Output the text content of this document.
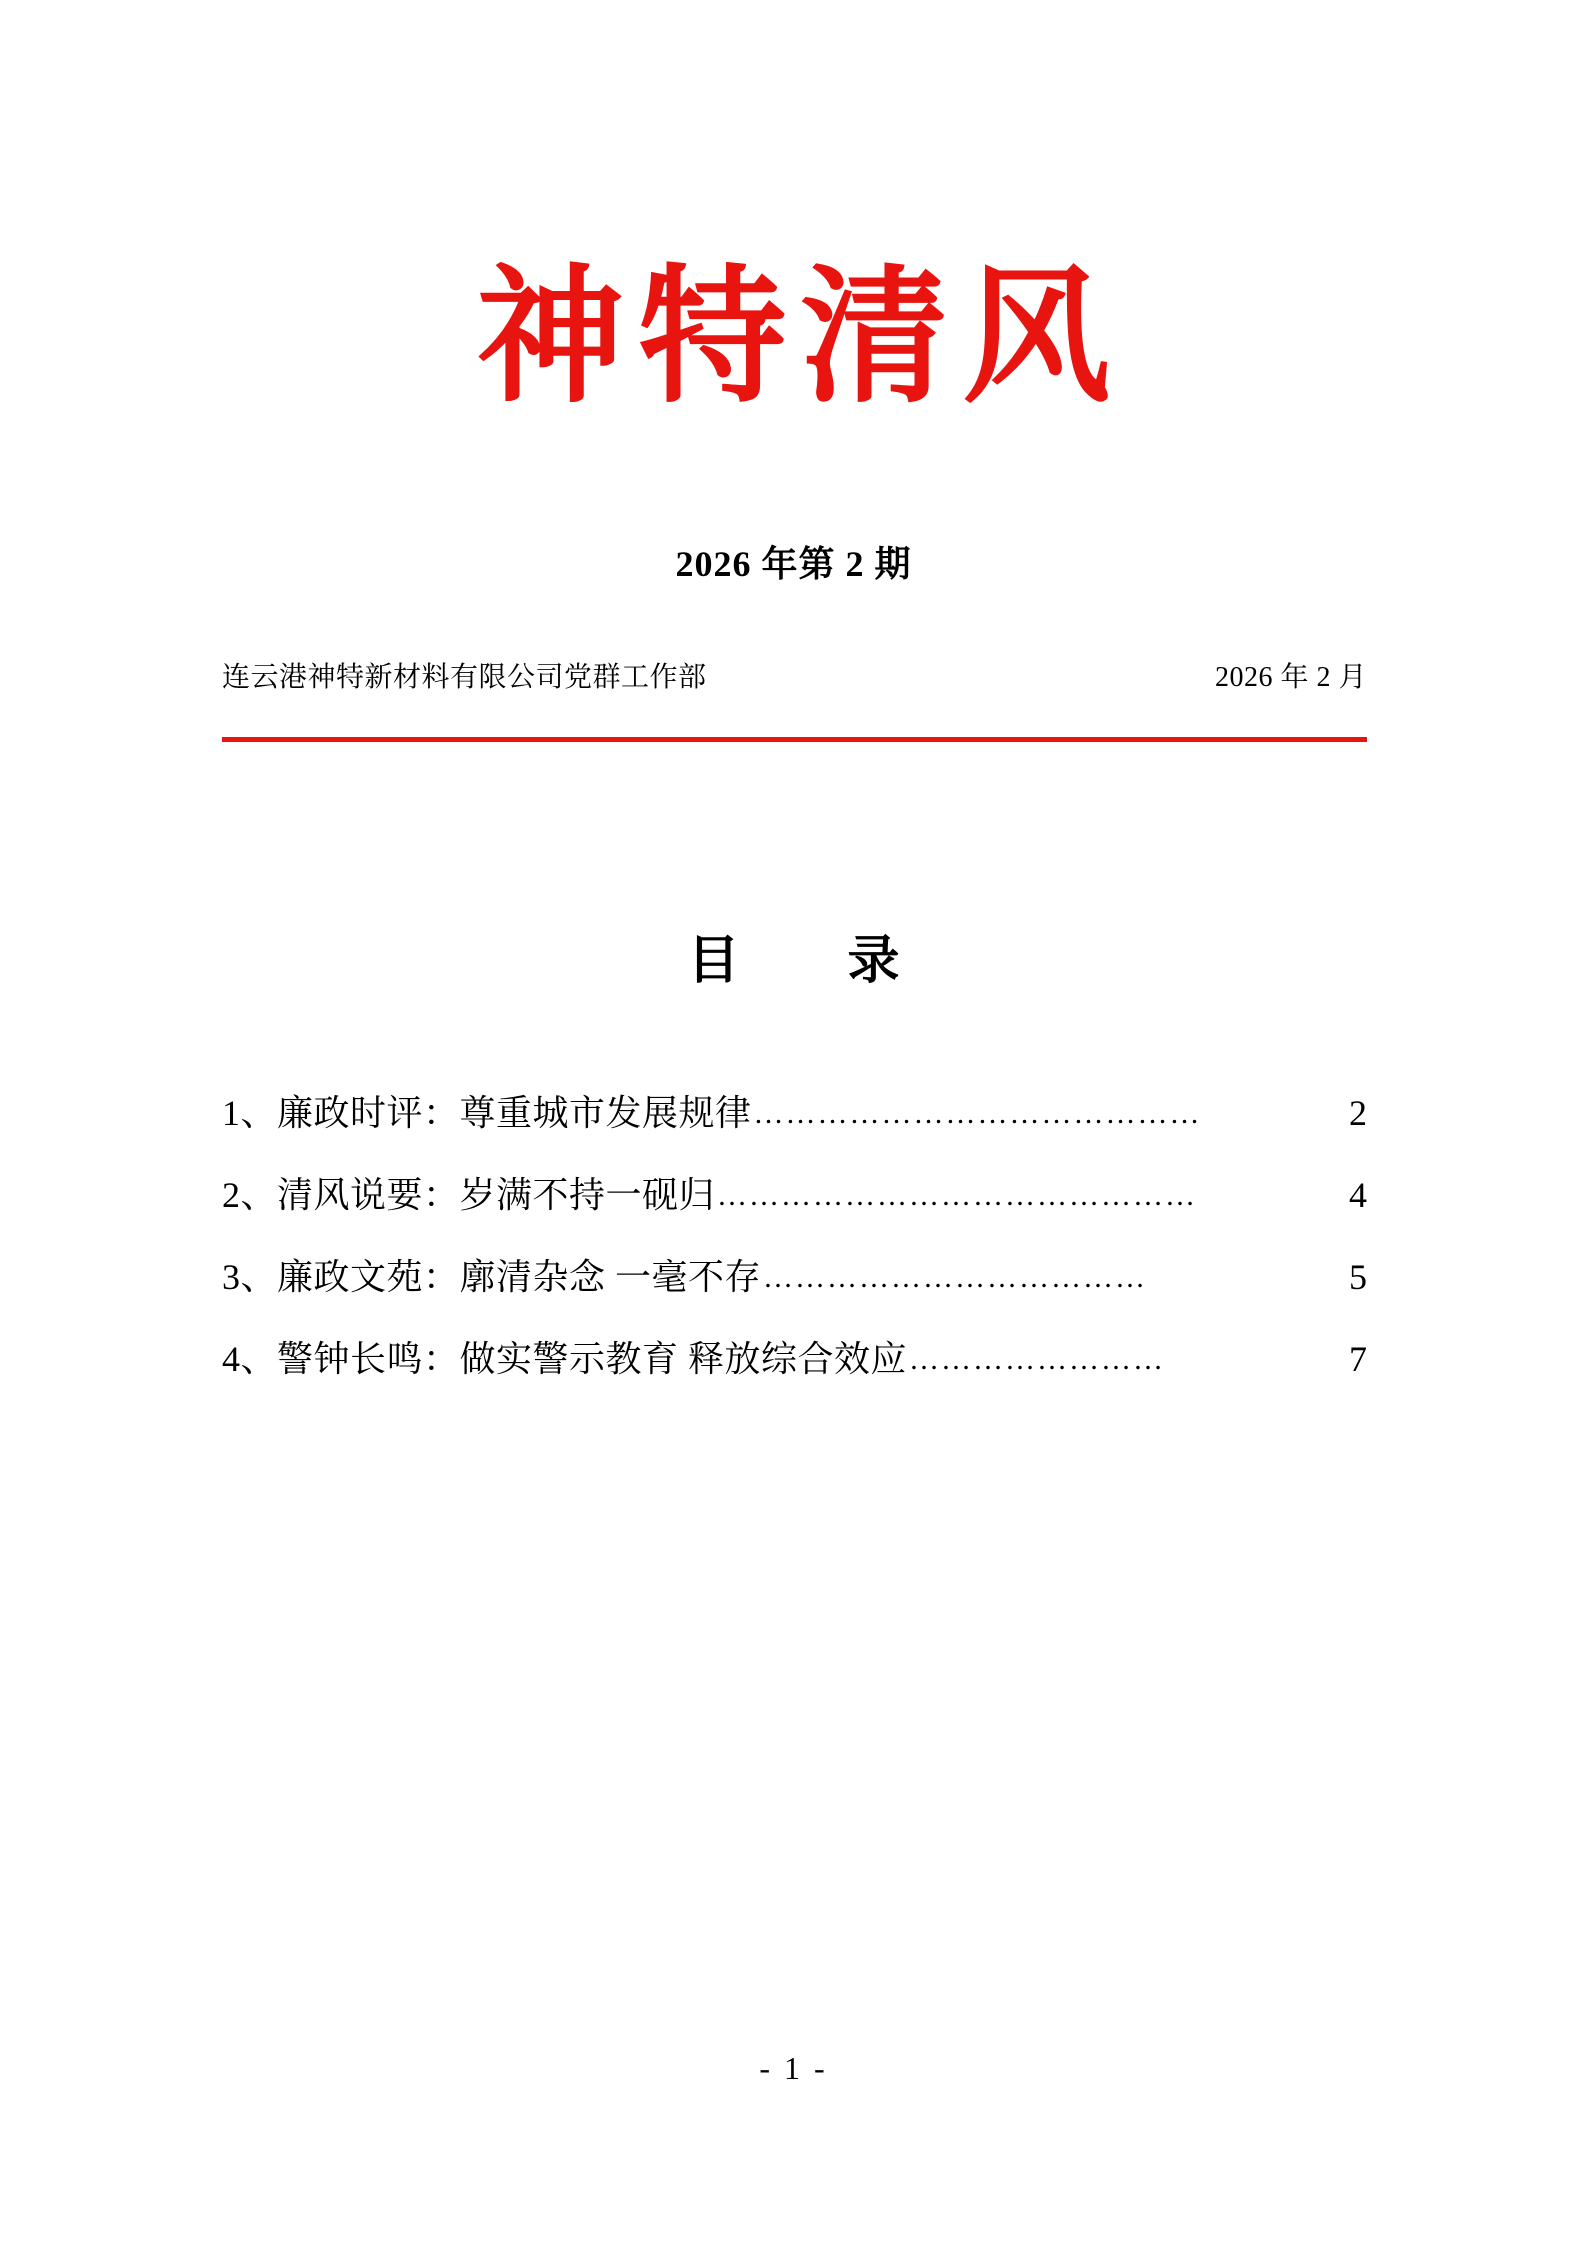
神特清风
2026 年第 2 期
连云港神特新材料有限公司党群工作部	2026 年 2 月
目　录
1、廉政时评：尊重城市发展规律 ……………………………………	2
2、清风说要：岁满不持一砚归 ………………………………………	4
3、廉政文苑：廓清杂念 一毫不存 ………………………………	5
4、警钟长鸣：做实警示教育 释放综合效应 ……………………	7
- 1 -
